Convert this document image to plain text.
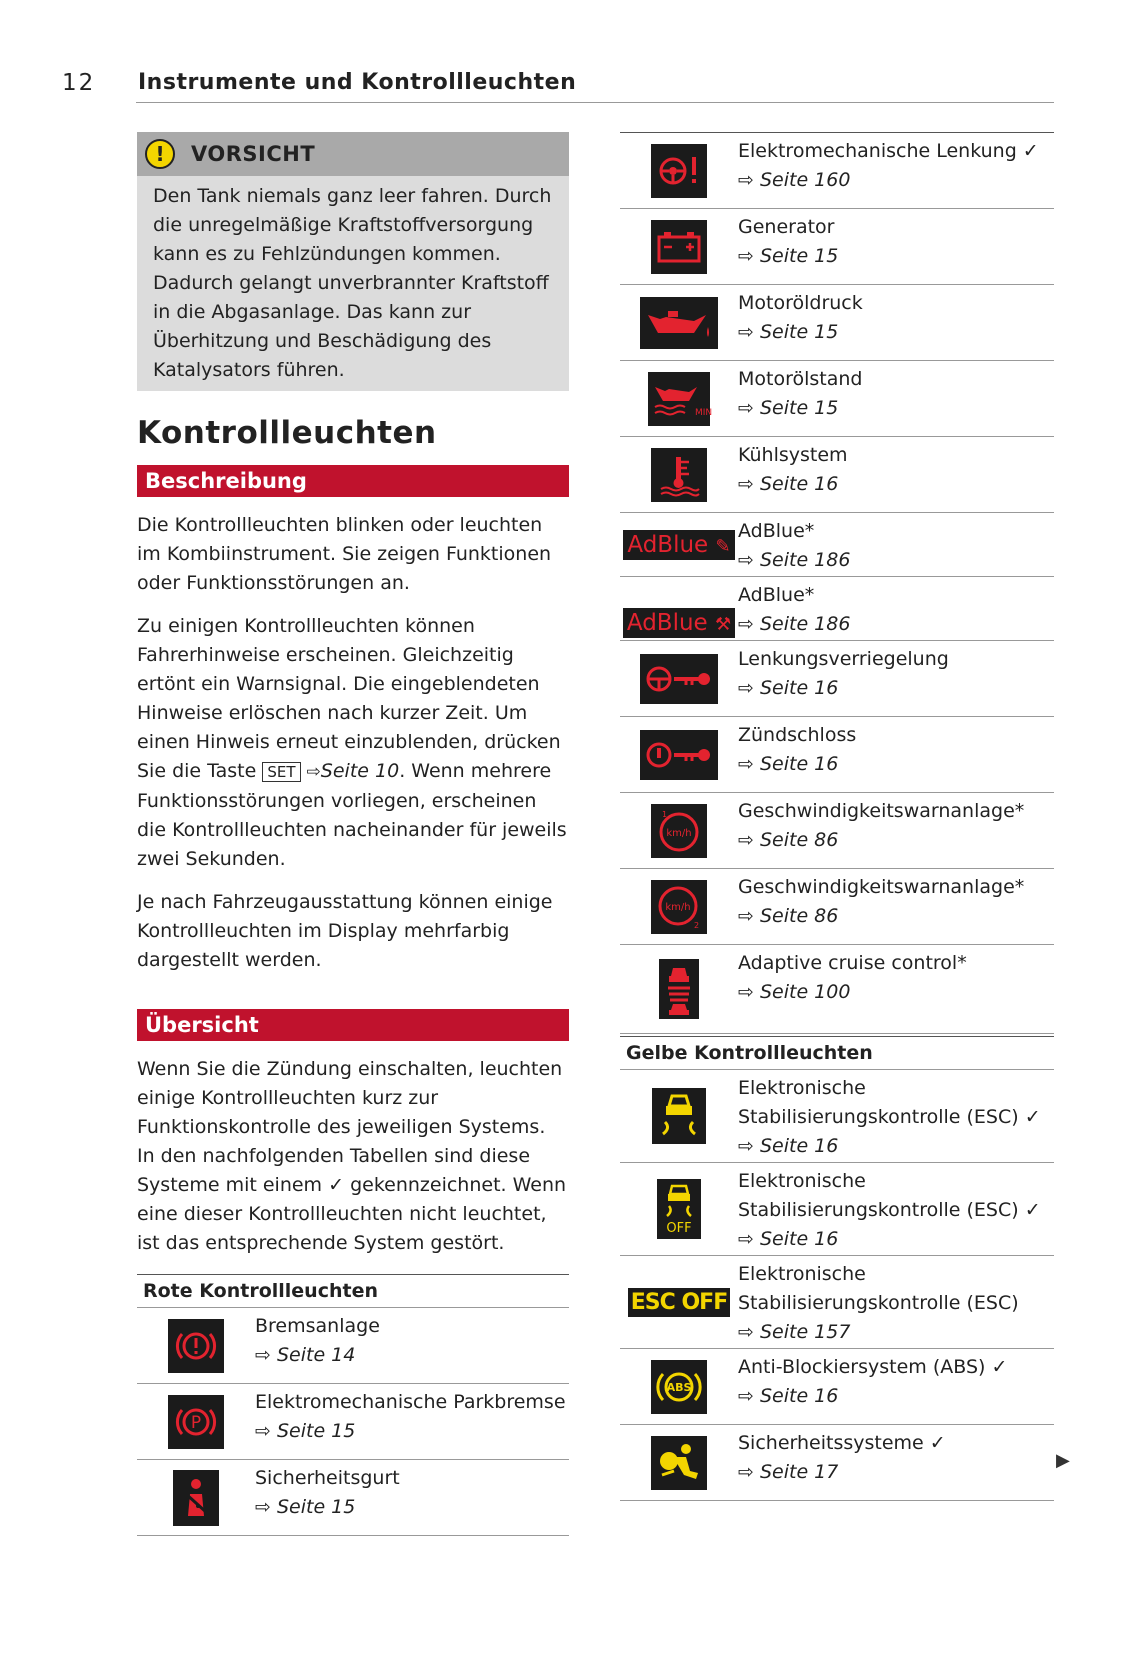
12 Instrumente und Kontrollleuchten
!	VORSICHT
Den Tank niemals ganz leer fahren. Durch die unregelmäßige Kraftstoffversorgung kann es zu Fehlzündungen kommen. Dadurch gelangt unverbrannter Kraftstoff in die Abgasanlage. Das kann zur Überhitzung und Beschädigung des Katalysators führen.
Kontrollleuchten
Beschreibung

Die Kontrollleuchten blinken oder leuchten im Kombiinstrument. Sie zeigen Funktionen oder Funktionsstörungen an.

Zu einigen Kontrollleuchten können Fahrerhinweise erscheinen. Gleichzeitig ertönt ein Warnsignal. Die eingeblendeten Hinweise erlöschen nach kurzer Zeit. Um einen Hinweis erneut einzublenden, drücken Sie die Taste SET ⇨Seite 10. Wenn mehrere Funktionsstörungen vorliegen, erscheinen die Kontrollleuchten nacheinander für jeweils zwei Sekunden.

Je nach Fahrzeugausstattung können einige Kontrollleuchten im Display mehrfarbig dargestellt werden.

Übersicht

Wenn Sie die Zündung einschalten, leuchten einige Kontrollleuchten kurz zur Funktionskontrolle des jeweiligen Systems. In den nachfolgenden Tabellen sind diese Systeme mit einem ✓ gekennzeichnet. Wenn eine dieser Kontrollleuchten nicht leuchtet, ist das entsprechende System gestört.

Rote Kontrollleuchten
Bremsanlage
⇨ Seite 14
P
Elektromechanische Parkbremse
⇨ Seite 15
Sicherheitsgurt
⇨ Seite 15
Elektromechanische Lenkung ✓
⇨ Seite 160
Generator
⇨ Seite 15
Motoröldruck
⇨ Seite 15
MIN
Motorölstand
⇨ Seite 15
Kühlsystem
⇨ Seite 16
AdBlue ✎
AdBlue*
⇨ Seite 186
AdBlue ⚒
AdBlue*
⇨ Seite 186
Lenkungsverriegelung
⇨ Seite 16
Zündschloss
⇨ Seite 16
km/h
1	Geschwindigkeitswarnanlage*
⇨ Seite 86
km/h
2
Geschwindigkeitswarnanlage*
⇨ Seite 86
Adaptive cruise control*
⇨ Seite 100
Gelbe Kontrollleuchten
Elektronische Stabilisierungskontrolle (ESC) ✓
⇨ Seite 16
OFF
Elektronische Stabilisierungskontrolle (ESC) ✓
⇨ Seite 16
ESC OFF
Elektronische Stabilisierungskontrolle (ESC)
⇨ Seite 157
ABS
Anti-Blockiersystem (ABS) ✓
⇨ Seite 16
Sicherheitssysteme ✓
⇨ Seite 17
▶
